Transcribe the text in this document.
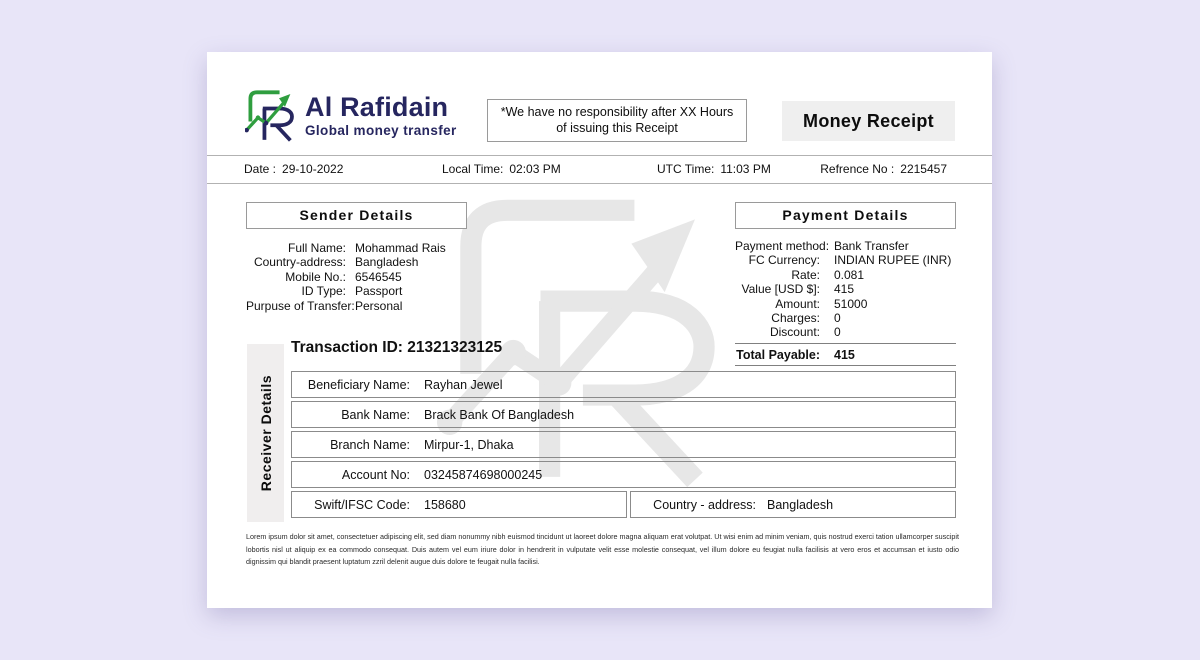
Al Rafidain
Global money transfer
*We have no responsibility after XX Hours
of issuing this Receipt	Money Receipt
Date : 29-10-2022	Local Time: 02:03 PM	UTC Time: 11:03 PM	Refrence No : 2215457
Sender Details
Full Name: Mohammad Rais
Country-address: Bangladesh
Mobile No.: 6546545
ID Type: Passport
Purpuse of Transfer: Personal
Payment Details
Payment method: Bank Transfer
FC Currency: INDIAN RUPEE (INR)
Rate: 0.081
Value [USD $]: 415
Amount: 51000
Charges: 0
Discount: 0
Total Payable: 415
Transaction ID: 21321323125
Receiver Details	Beneficiary Name: Rayhan Jewel
Bank Name: Brack Bank Of Bangladesh
Branch Name: Mirpur-1, Dhaka
Account No: 03245874698000245
Swift/IFSC Code: 158680	Country - address: Bangladesh
Lorem ipsum dolor sit amet, consectetuer adipiscing elit, sed diam nonummy nibh euismod tincidunt ut laoreet dolore magna aliquam erat volutpat. Ut wisi enim ad minim veniam, quis nostrud exerci tation ullamcorper suscipit lobortis nisl ut aliquip ex ea commodo consequat. Duis autem vel eum iriure dolor in hendrerit in vulputate velit esse molestie consequat, vel illum dolore eu feugiat nulla facilisis at vero eros et accumsan et iusto odio dignissim qui blandit praesent luptatum zzril delenit augue duis dolore te feugait nulla facilisi.
